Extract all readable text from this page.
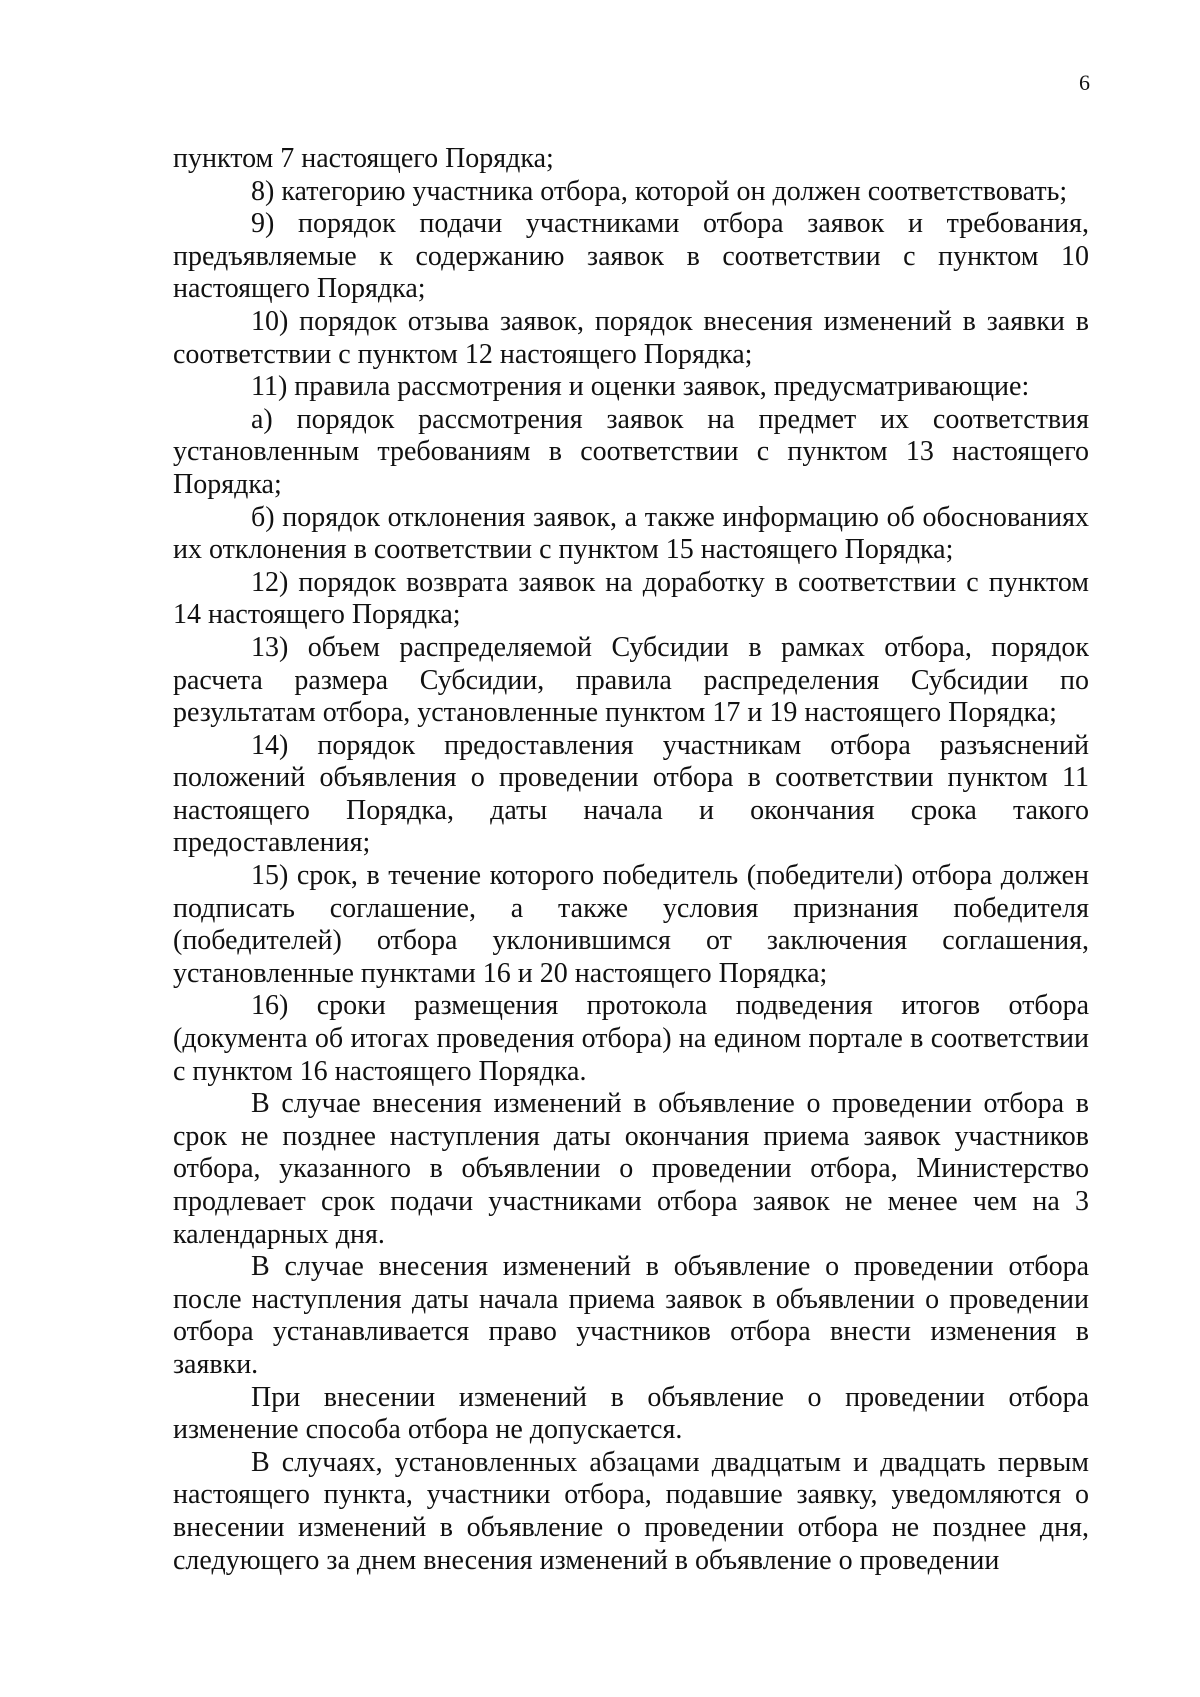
6

пунктом 7 настоящего Порядка;

8) категорию участника отбора, которой он должен соответствовать;

9) порядок подачи участниками отбора заявок и требования, предъявляемые к содержанию заявок в соответствии с пунктом 10 настоящего Порядка;

10) порядок отзыва заявок, порядок внесения изменений в заявки в соответствии с пунктом 12 настоящего Порядка;

11) правила рассмотрения и оценки заявок, предусматривающие:

а) порядок рассмотрения заявок на предмет их соответствия установленным требованиям в соответствии с пунктом 13 настоящего Порядка;

б) порядок отклонения заявок, а также информацию об обоснованиях их отклонения в соответствии с пунктом 15 настоящего Порядка;

12) порядок возврата заявок на доработку в соответствии с пунктом 14 настоящего Порядка;

13) объем распределяемой Субсидии в рамках отбора, порядок расчета размера Субсидии, правила распределения Субсидии по результатам отбора, установленные пунктом 17 и 19 настоящего Порядка;

14) порядок предоставления участникам отбора разъяснений положений объявления о проведении отбора в соответствии пунктом 11 настоящего Порядка, даты начала и окончания срока такого предоставления;

15) срок, в течение которого победитель (победители) отбора должен подписать соглашение, а также условия признания победителя (победителей) отбора уклонившимся от заключения соглашения, установленные пунктами 16 и 20 настоящего Порядка;

16) сроки размещения протокола подведения итогов отбора (документа об итогах проведения отбора) на едином портале в соответствии с пунктом 16 настоящего Порядка.

В случае внесения изменений в объявление о проведении отбора в срок не позднее наступления даты окончания приема заявок участников отбора, указанного в объявлении о проведении отбора, Министерство продлевает срок подачи участниками отбора заявок не менее чем на 3 календарных дня.

В случае внесения изменений в объявление о проведении отбора после наступления даты начала приема заявок в объявлении о проведении отбора устанавливается право участников отбора внести изменения в заявки.

При внесении изменений в объявление о проведении отбора изменение способа отбора не допускается.

В случаях, установленных абзацами двадцатым и двадцать первым настоящего пункта, участники отбора, подавшие заявку, уведомляются о внесении изменений в объявление о проведении отбора не позднее дня, следующего за днем внесения изменений в объявление о проведении
